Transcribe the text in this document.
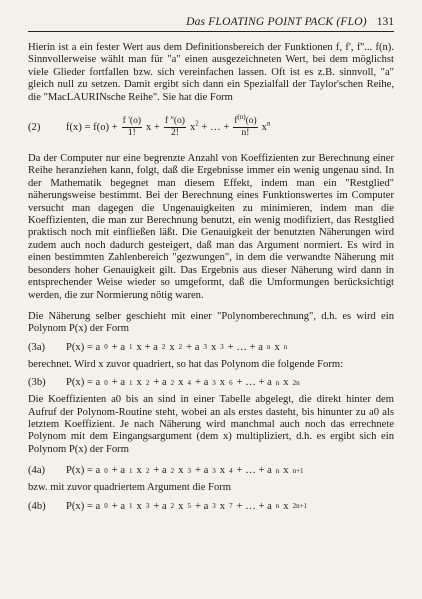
Das FLOATING POINT PACK (FLO) 131

Hierin ist a ein fester Wert aus dem Definitionsbereich der Funktionen f, f', f''... f(n). Sinnvollerweise wählt man für "a" einen ausgezeichneten Wert, bei dem möglichst viele Glieder fortfallen bzw. sich vereinfachen lassen. Oft ist es z.B. sinnvoll, "a" gleich null zu setzen. Damit ergibt sich dann ein Spezialfall der Taylor'schen Reihe, die "MacLAURINsche Reihe". Sie hat die Form

(2)	$f(x) = f(o) + \frac{f '(o)}{1!}$ $x + \frac{f ''(o)}{2!} x^2$ + … + $\frac{f^{(n)}(o)}{n!} x^n$

Da der Computer nur eine begrenzte Anzahl von Koeffizienten zur Berechnung einer Reihe heranziehen kann, folgt, daß die Ergebnisse immer ein wenig ungenau sind. In der Mathematik begegnet man diesem Effekt, indem man ein "Restglied" näherungsweise bestimmt. Bei der Berechnung eines Funktionswertes im Computer versucht man dagegen die Ungenauigkeiten zu minimieren, indem man die Koeffizienten, die man zur Berechnung benutzt, ein wenig modifiziert, das Restglied praktisch noch mit einfließen läßt. Die Genauigkeit der benutzten Näherungen wird zudem auch noch dadurch gesteigert, daß man das Argument normiert. Es wird in einen bestimmten Zahlenbereich "gezwungen", in dem die verwandte Näherung mit besonders hoher Genauigkeit gilt. Das Ergebnis aus dieser Näherung wird dann in entsprechender Weise wieder so umgeformt, daß die Umformungen berücksichtigt werden, die zur Normierung nötig waren.

Die Näherung selber geschieht mit einer "Polynomberechnung", d.h. es wird ein Polynom P(x) der Form

(3a)	P(x) = a 0 + a 1 x + a 2 x 2 + a 3 x 3 + … + a n x n

berechnet. Wird x zuvor quadriert, so hat das Polynom die folgende Form:

(3b)	P(x) = a 0 + a 1 x 2 + a 2 x 4 + a 3 x 6 + … + a n x 2n

Die Koeffizienten a0 bis an sind in einer Tabelle abgelegt, die direkt hinter dem Aufruf der Polynom-Routine steht, wobei an als erstes dasteht, bis hinunter zu a0 als letztem Koeffizient. Je nach Näherung wird manchmal auch noch das errechnete Polynom mit dem Eingangsargument (dem x) multipliziert, d.h. es ergibt sich ein Polynom P(x) der Form

(4a)	P(x) = a 0 + a 1 x 2 + a 2 x 3 + a 3 x 4 + … + a n x n+1

bzw. mit zuvor quadriertem Argument die Form

(4b)	P(x) = a 0 + a 1 x 3 + a 2 x 5 + a 3 x 7 + … + a n x 2n+1
